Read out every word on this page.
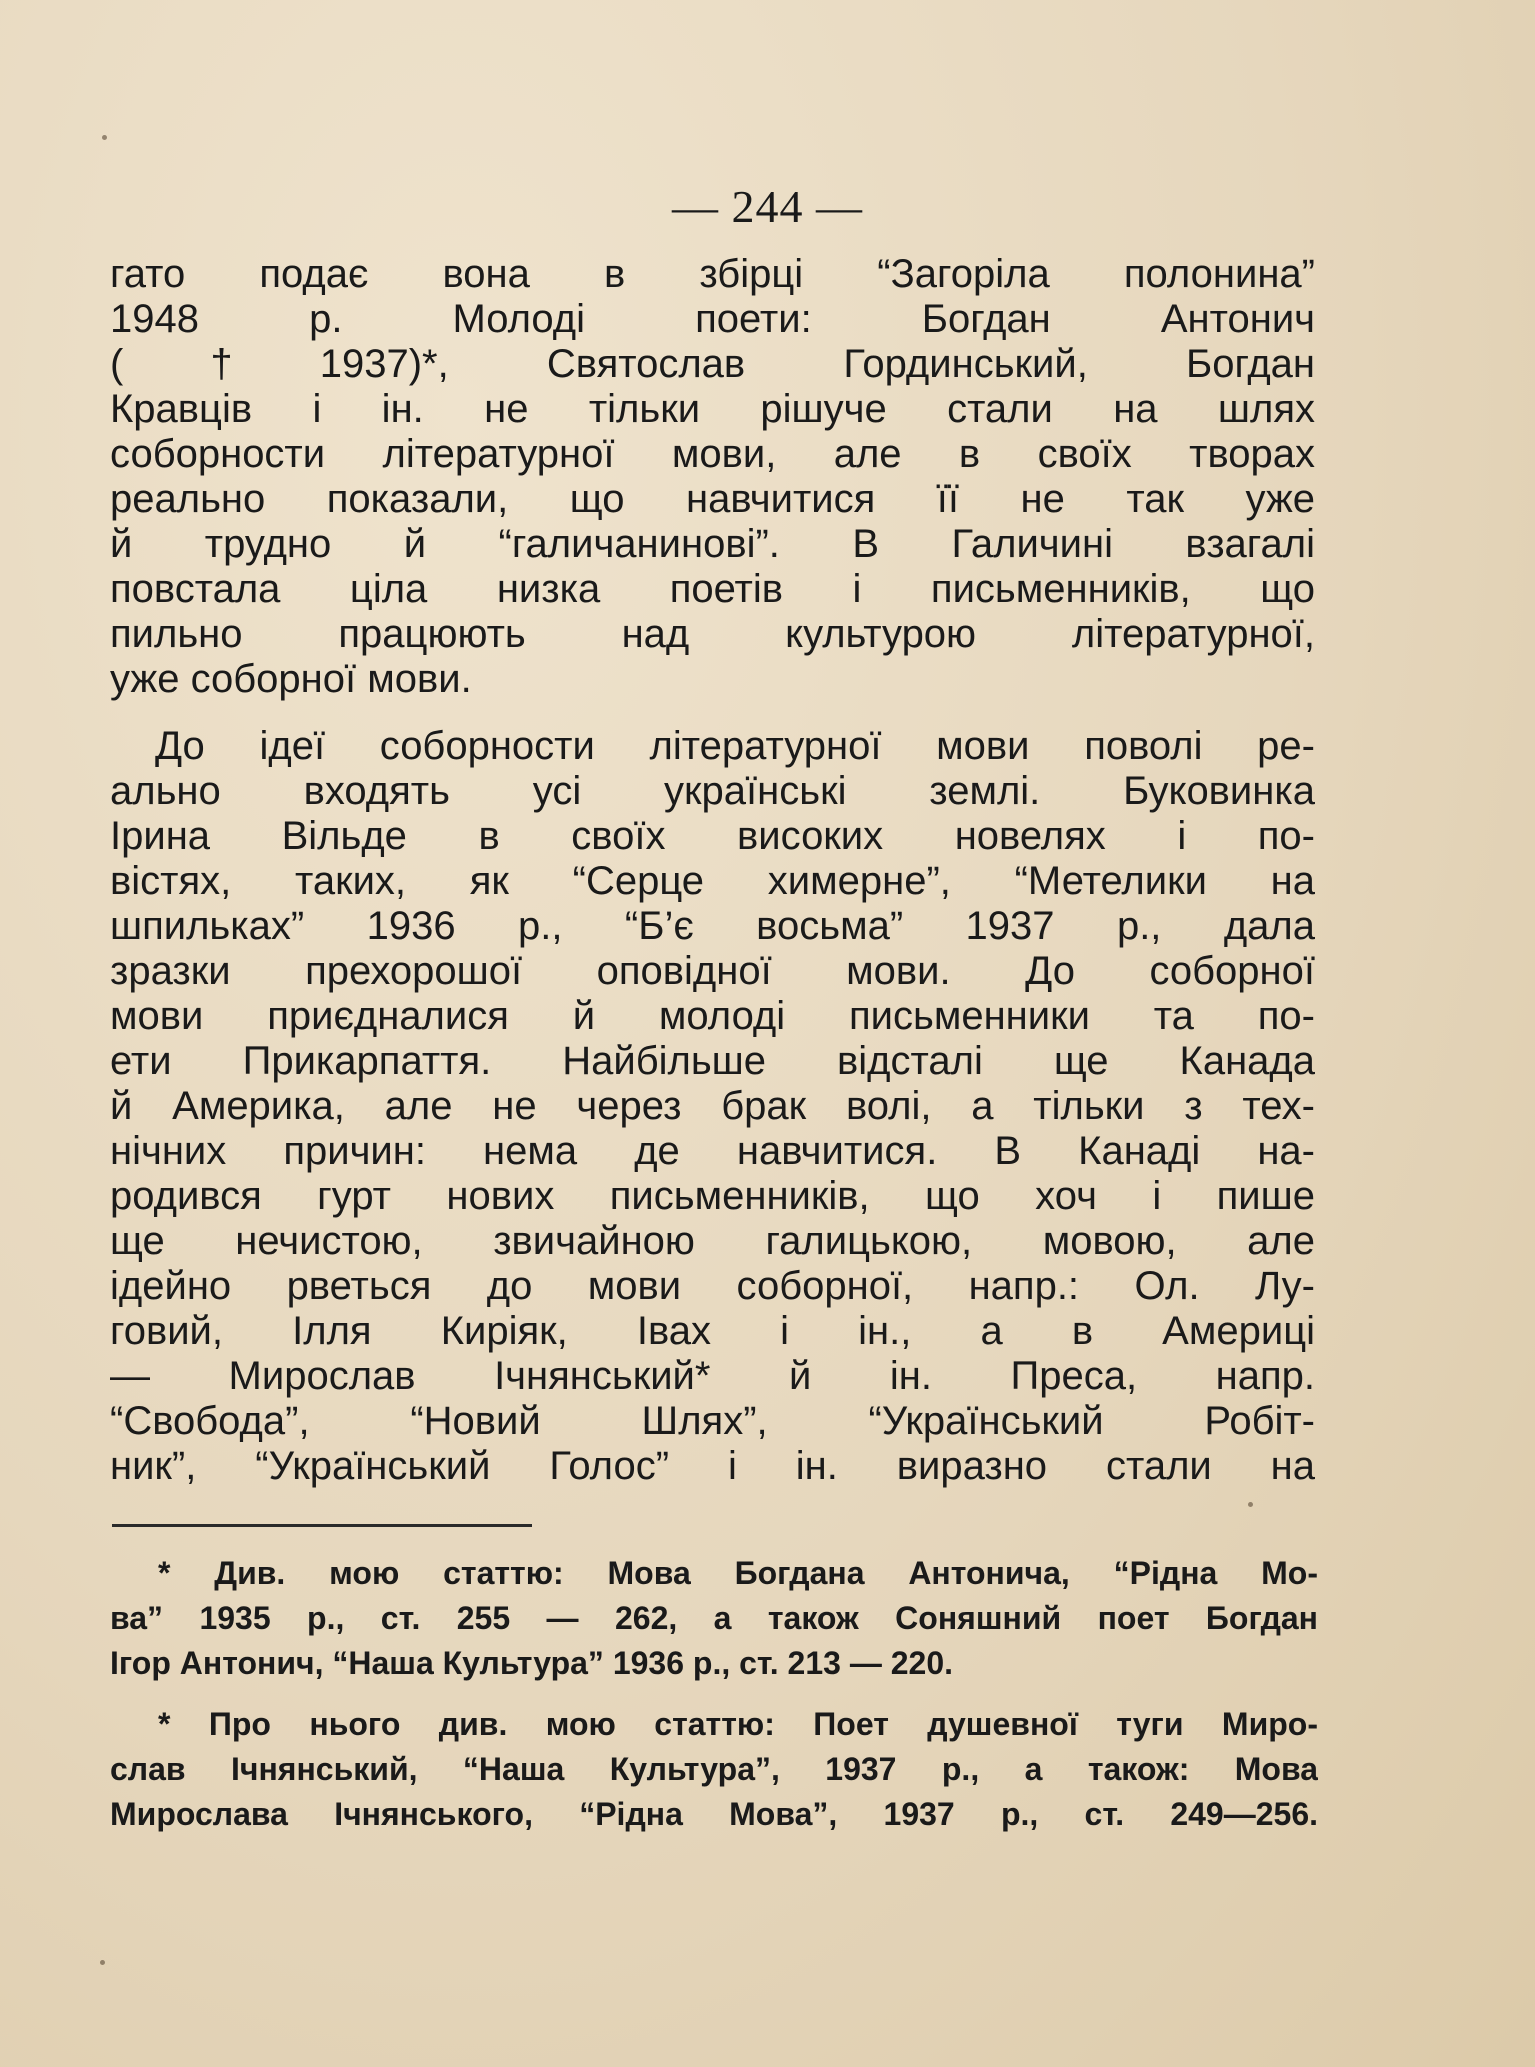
— 244 —
гато подає вона в збірці “Загоріла полонина”
1948 р. Молоді поети: Богдан Антонич
(†1937)*, Святослав Гординський, Богдан
Кравців і ін. не тільки рішуче стали на шлях
соборности літературної мови, але в своїх творах
реально показали, що навчитися її не так уже
й трудно й “галичанинові”. В Галичині взагалі
повстала ціла низка поетів і письменників, що
пильно працюють над культурою літературної,
уже соборної мови.
До ідеї соборности літературної мови поволі ре-
ально входять усі українські землі. Буковинка
Ірина Вільде в своїх високих новелях і по-
вістях, таких, як “Серце химерне”, “Метелики на
шпильках” 1936 р., “Б’є восьма” 1937 р., дала
зразки прехорошої оповідної мови. До соборної
мови приєдналися й молоді письменники та по-
ети Прикарпаття. Найбільше відсталі ще Канада
й Америка, але не через брак волі, а тільки з тех-
нічних причин: нема де навчитися. В Канаді на-
родився гурт нових письменників, що хоч і пише
ще нечистою, звичайною галицькою, мовою, але
ідейно рветься до мови соборної, напр.: Ол. Лу-
говий, Ілля Киріяк, Івах і ін., а в Америці
— Мирослав Ічнянський* й ін. Преса, напр.
“Свобода”, “Новий Шлях”, “Український Робіт-
ник”, “Український Голос” і ін. виразно стали на
* Див. мою статтю: Мова Богдана Антонича, “Рідна Мо-
ва” 1935 р., ст. 255 — 262, а також Соняшний поет Богдан
Ігор Антонич, “Наша Культура” 1936 р., ст. 213 — 220.
* Про нього див. мою статтю: Поет душевної туги Миро-
слав Ічнянський, “Наша Культура”, 1937 р., а також: Мова
Мирослава Ічнянського, “Рідна Мова”, 1937 р., ст. 249—256.
